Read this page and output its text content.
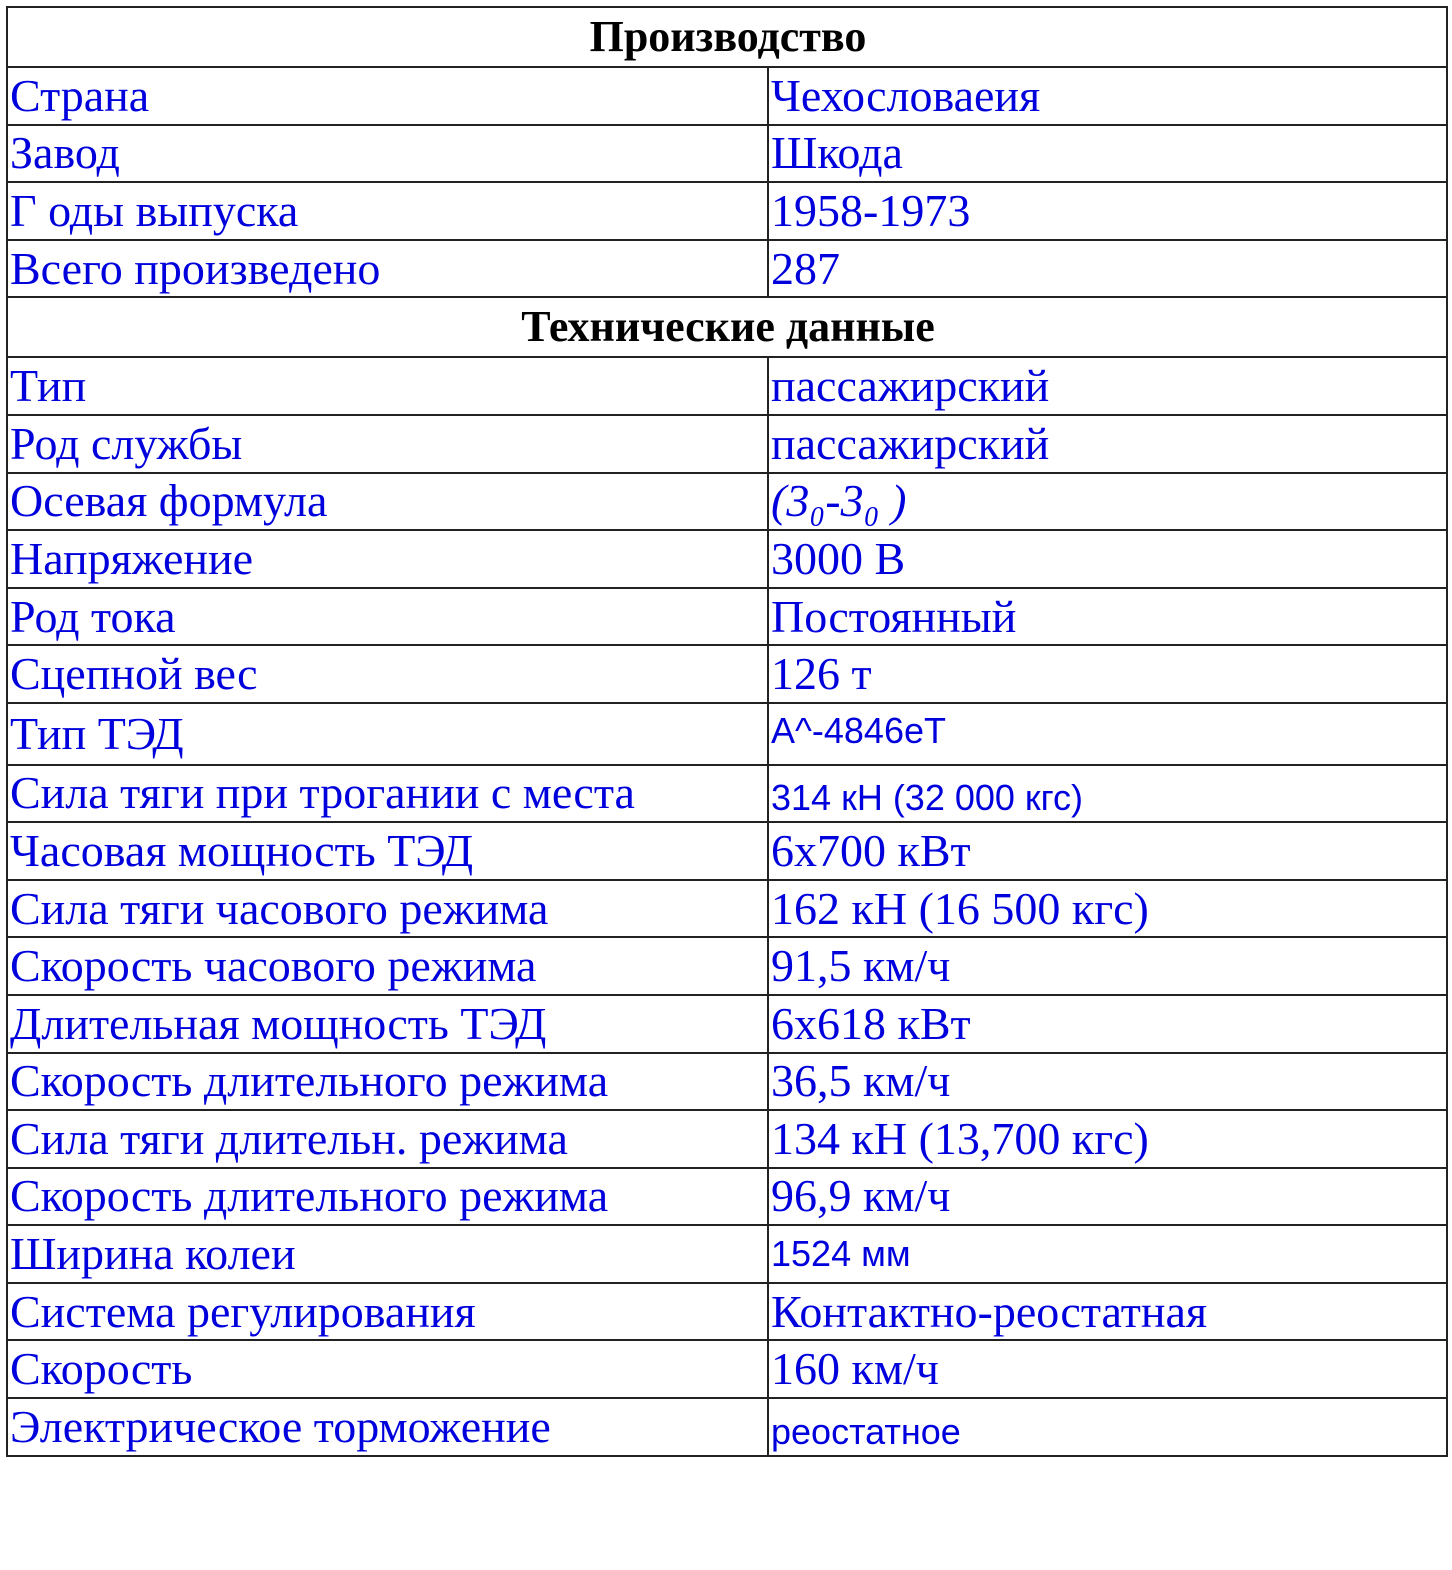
Производство	
Страна	Чехословаеия
Завод	Шкода
Г оды выпуска	1958-1973
Всего произведено	287
Технические данные	
Тип	пассажирский
Род службы	пассажирский
Осевая формула	(3₀-3₀ )
Напряжение	3000 В
Род тока	Постоянный
Сцепной вес	126 т
Тип ТЭД	А^-4846еТ
Сила тяги при трогании с места	314 кН (32 000 кгс)
Часовая мощность ТЭД	6х700 кВт
Сила тяги часового режима	162 кН (16 500 кгс)
Скорость часового режима	91,5 км/ч
Длительная мощность ТЭД	6х618 кВт
Скорость длительного режима	36,5 км/ч
Сила тяги длительн. режима	134 кН (13,700 кгс)
Скорость длительного режима	96,9 км/ч
Ширина колеи	1524 мм
Система регулирования	Контактно-реостатная
Скорость	160 км/ч
Электрическое торможение	реостатное
